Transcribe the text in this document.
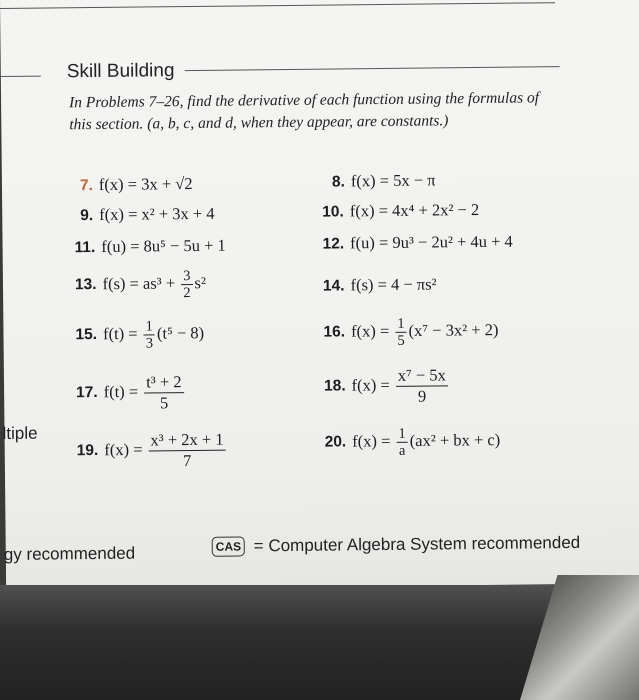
Skill Building
In Problems 7–26, find the derivative of each function using the formulas of this section. (a, b, c, and d, when they appear, are constants.)
7. f(x) = 3x + √2	8. f(x) = 5x − π
9. f(x) = x² + 3x + 4	10. f(x) = 4x⁴ + 2x² − 2
11. f(u) = 8u⁵ − 5u + 1	12. f(u) = 9u³ − 2u² + 4u + 4
13. $f(s) = as^3 + \frac{3}{2} s^2$	14. f(s) = 4 − πs²
15. $f(t) = \frac{1}{3} (t^5 - 8)$	16. $f(x) = \frac{1}{5} (x^7 - 3x^2 + 2)$
17. $f(t) = \frac{\text{t³ + 2}}{5}$	18. $f(x) = \frac{\text{x⁷ − 5x}}{9}$
19. $f(x) = \frac{\text{x³ + 2x + 1}}{7}$	20. $f(x) = \frac{1}{a} (ax^2$ + bx + c)
ltiple
gy recommended	CAS = Computer Algebra System recommended
